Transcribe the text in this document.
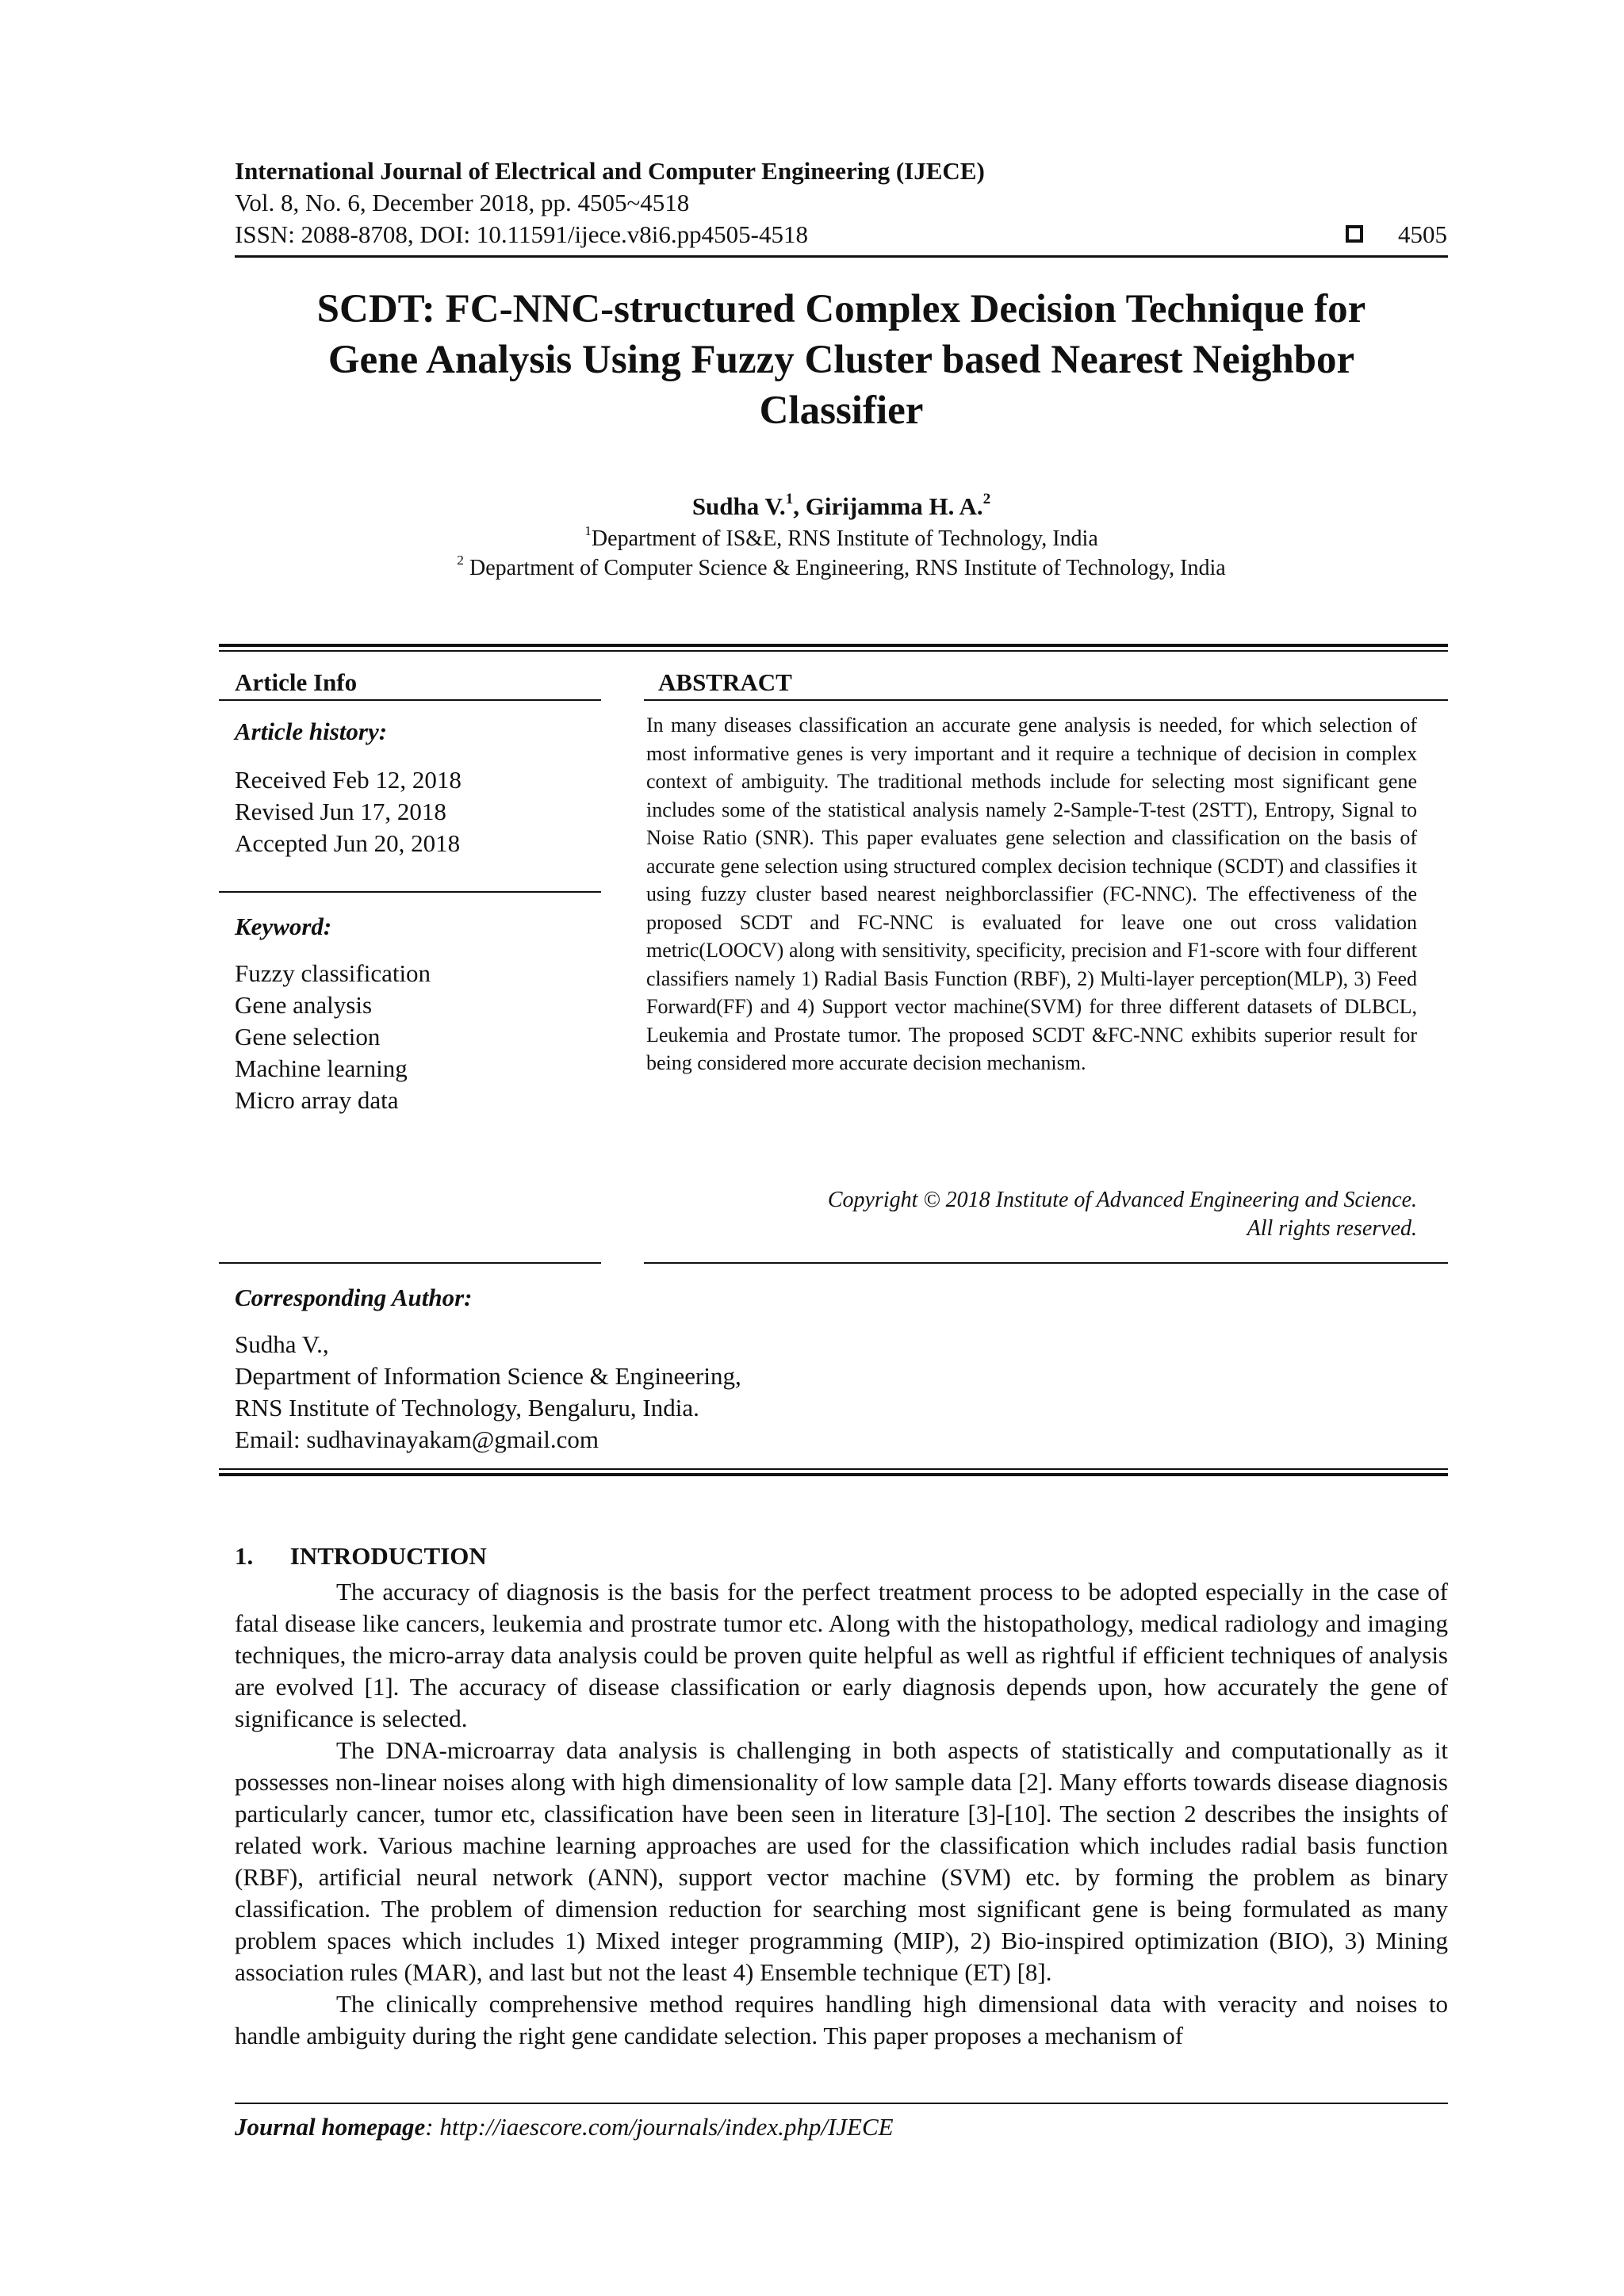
International Journal of Electrical and Computer Engineering (IJECE)
Vol. 8, No. 6, December 2018, pp. 4505~4518
ISSN: 2088-8708, DOI: 10.11591/ijece.v8i6.pp4505-4518	4505
SCDT: FC-NNC-structured Complex Decision Technique for
Gene Analysis Using Fuzzy Cluster based Nearest Neighbor
Classifier
Sudha V.$^1$, Girijamma H. A.$^2$
$^1$Department of IS&E, RNS Institute of Technology, India
$^2$ Department of Computer Science & Engineering, RNS Institute of Technology, India
Article Info
Article history:
Received Feb 12, 2018
Revised Jun 17, 2018
Accepted Jun 20, 2018
Keyword:
Fuzzy classification
Gene analysis
Gene selection
Machine learning
Micro array data
ABSTRACT
In many diseases classification an accurate gene analysis is needed, for which selection of most informative genes is very important and it require a technique of decision in complex context of ambiguity. The traditional methods include for selecting most significant gene includes some of the statistical analysis namely 2-Sample-T-test (2STT), Entropy, Signal to Noise Ratio (SNR). This paper evaluates gene selection and classification on the basis of accurate gene selection using structured complex decision technique (SCDT) and classifies it using fuzzy cluster based nearest neighborclassifier (FC-NNC). The effectiveness of the proposed SCDT and FC-NNC is evaluated for leave one out cross validation metric(LOOCV) along with sensitivity, specificity, precision and F1-score with four different classifiers namely 1) Radial Basis Function (RBF), 2) Multi-layer perception(MLP), 3) Feed Forward(FF) and 4) Support vector machine(SVM) for three different datasets of DLBCL, Leukemia and Prostate tumor. The proposed SCDT &FC-NNC exhibits superior result for being considered more accurate decision mechanism.
Copyright © 2018 Institute of Advanced Engineering and Science.
All rights reserved.
Corresponding Author:
Sudha V.,
Department of Information Science & Engineering,
RNS Institute of Technology, Bengaluru, India.
Email: sudhavinayakam@gmail.com
1.      INTRODUCTION

The accuracy of diagnosis is the basis for the perfect treatment process to be adopted especially in the case of fatal disease like cancers, leukemia and prostrate tumor etc. Along with the histopathology, medical radiology and imaging techniques, the micro-array data analysis could be proven quite helpful as well as rightful if efficient techniques of analysis are evolved [1]. The accuracy of disease classification or early diagnosis depends upon, how accurately the gene of significance is selected.

The DNA-microarray data analysis is challenging in both aspects of statistically and computationally as it possesses non-linear noises along with high dimensionality of low sample data [2]. Many efforts towards disease diagnosis particularly cancer, tumor etc, classification have been seen in literature [3]-[10]. The section 2 describes the insights of related work. Various machine learning approaches are used for the classification which includes radial basis function (RBF), artificial neural network (ANN), support vector machine (SVM) etc. by forming the problem as binary classification. The problem of dimension reduction for searching most significant gene is being formulated as many problem spaces which includes 1) Mixed integer programming (MIP), 2) Bio-inspired optimization (BIO), 3) Mining association rules (MAR), and last but not the least 4) Ensemble technique (ET) [8].

The clinically comprehensive method requires handling high dimensional data with veracity and noises to handle ambiguity during the right gene candidate selection. This paper proposes a mechanism of

Journal homepage: http://iaescore.com/journals/index.php/IJECE
